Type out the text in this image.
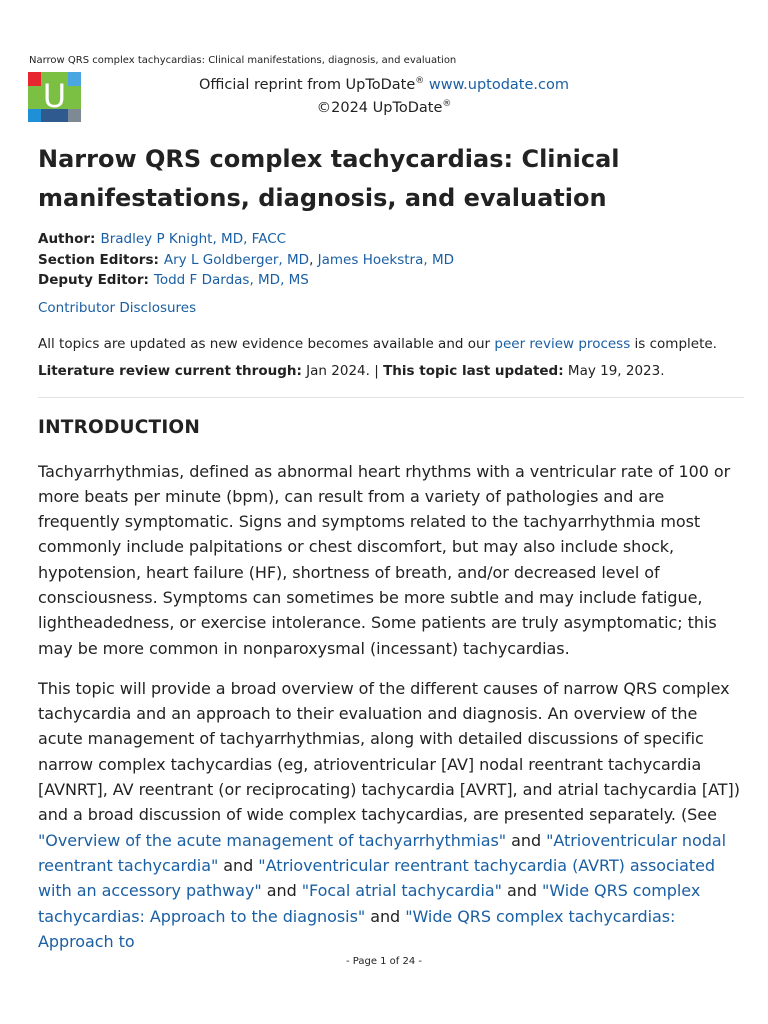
Narrow QRS complex tachycardias: Clinical manifestations, diagnosis, and evaluation
U	Official reprint from UpToDate® www.uptodate.com
©2024 UpToDate®
Narrow QRS complex tachycardias: Clinical manifestations, diagnosis, and evaluation
Author: Bradley P Knight, MD, FACC
Section Editors: Ary L Goldberger, MD, James Hoekstra, MD
Deputy Editor: Todd F Dardas, MD, MS
Contributor Disclosures
All topics are updated as new evidence becomes available and our peer review process is complete.
Literature review current through: Jan 2024. | This topic last updated: May 19, 2023.
INTRODUCTION

Tachyarrhythmias, defined as abnormal heart rhythms with a ventricular rate of 100 or more beats per minute (bpm), can result from a variety of pathologies and are frequently symptomatic. Signs and symptoms related to the tachyarrhythmia most commonly include palpitations or chest discomfort, but may also include shock, hypotension, heart failure (HF), shortness of breath, and/or decreased level of consciousness. Symptoms can sometimes be more subtle and may include fatigue, lightheadedness, or exercise intolerance. Some patients are truly asymptomatic; this may be more common in nonparoxysmal (incessant) tachycardias.

This topic will provide a broad overview of the different causes of narrow QRS complex tachycardia and an approach to their evaluation and diagnosis. An overview of the acute management of tachyarrhythmias, along with detailed discussions of specific narrow complex tachycardias (eg, atrioventricular [AV] nodal reentrant tachycardia [AVNRT], AV reentrant (or reciprocating) tachycardia [AVRT], and atrial tachycardia [AT]) and a broad discussion of wide complex tachycardias, are presented separately. (See "Overview of the acute management of tachyarrhythmias" and "Atrioventricular nodal reentrant tachycardia" and "Atrioventricular reentrant tachycardia (AVRT) associated with an accessory pathway" and "Focal atrial tachycardia" and "Wide QRS complex tachycardias: Approach to the diagnosis" and "Wide QRS complex tachycardias: Approach to

- Page 1 of 24 -
